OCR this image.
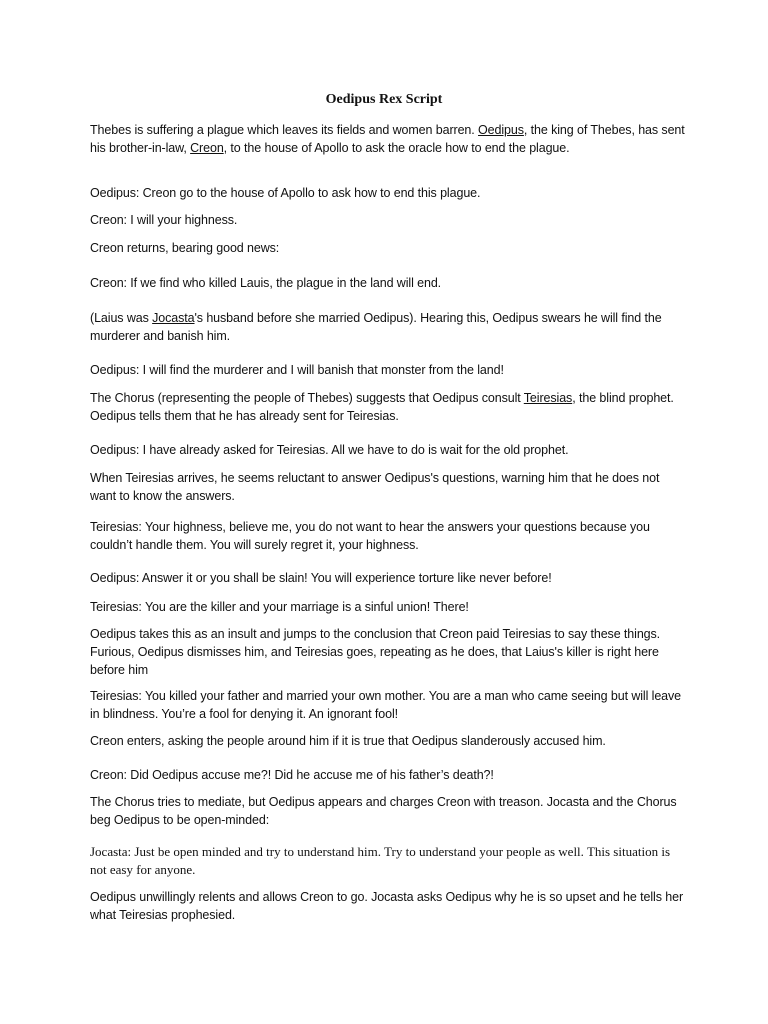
Oedipus Rex Script
Thebes is suffering a plague which leaves its fields and women barren. Oedipus, the king of Thebes, has sent his brother-in-law, Creon, to the house of Apollo to ask the oracle how to end the plague.
Oedipus: Creon go to the house of Apollo to ask how to end this plague.
Creon: I will your highness.
Creon returns, bearing good news:
Creon: If we find who killed Lauis, the plague in the land will end.
(Laius was Jocasta's husband before she married Oedipus). Hearing this, Oedipus swears he will find the murderer and banish him.
Oedipus: I will find the murderer and I will banish that monster from the land!
The Chorus (representing the people of Thebes) suggests that Oedipus consult Teiresias, the blind prophet. Oedipus tells them that he has already sent for Teiresias.
Oedipus: I have already asked for Teiresias. All we have to do is wait for the old prophet.
When Teiresias arrives, he seems reluctant to answer Oedipus's questions, warning him that he does not want to know the answers.
Teiresias: Your highness, believe me, you do not want to hear the answers your questions because you couldn’t handle them. You will surely regret it, your highness.
Oedipus: Answer it or you shall be slain! You will experience torture like never before!
Teiresias: You are the killer and your marriage is a sinful union! There!
Oedipus takes this as an insult and jumps to the conclusion that Creon paid Teiresias to say these things. Furious, Oedipus dismisses him, and Teiresias goes, repeating as he does, that Laius's killer is right here before him
Teiresias: You killed your father and married your own mother. You are a man who came seeing but will leave in blindness. You’re a fool for denying it. An ignorant fool!
Creon enters, asking the people around him if it is true that Oedipus slanderously accused him.
Creon: Did Oedipus accuse me?! Did he accuse me of his father’s death?!
The Chorus tries to mediate, but Oedipus appears and charges Creon with treason. Jocasta and the Chorus beg Oedipus to be open-minded:
Jocasta: Just be open minded and try to understand him. Try to understand your people as well. This situation is not easy for anyone.
Oedipus unwillingly relents and allows Creon to go. Jocasta asks Oedipus why he is so upset and he tells her what Teiresias prophesied.
